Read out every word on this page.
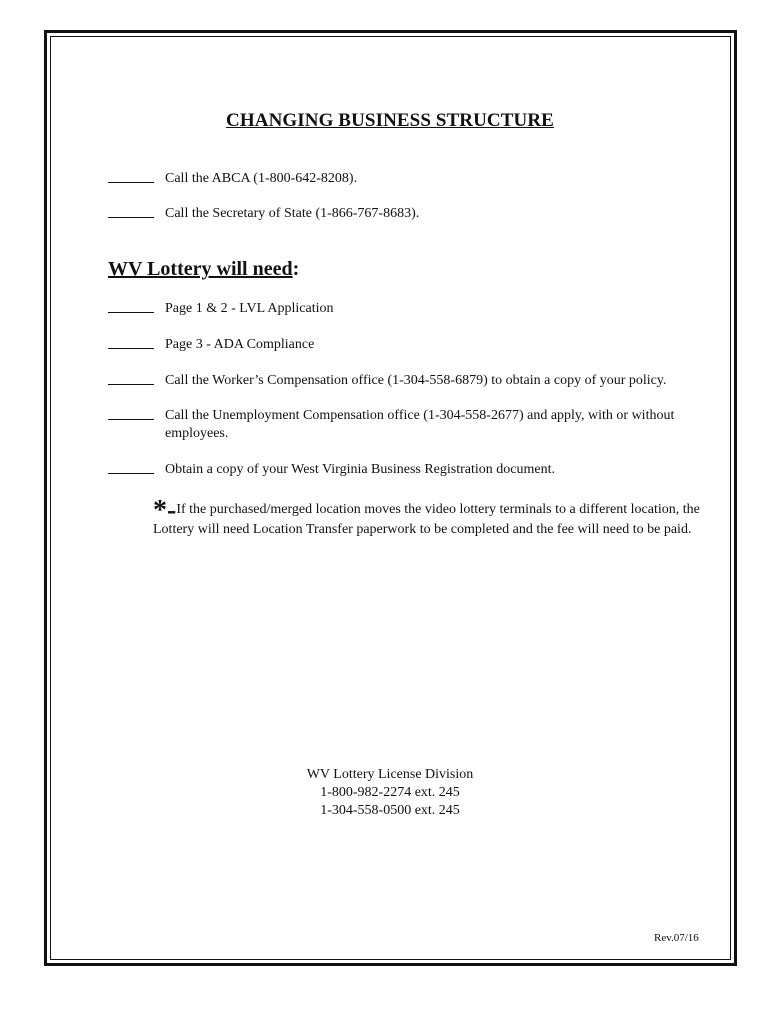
CHANGING BUSINESS STRUCTURE
Call the ABCA (1-800-642-8208).
Call the Secretary of State (1-866-767-8683).
WV Lottery will need:
Page 1 & 2 - LVL Application
Page 3 - ADA Compliance
Call the Worker’s Compensation office (1-304-558-6879) to obtain a copy of your policy.
Call the Unemployment Compensation office (1-304-558-2677) and apply, with or without employees.
Obtain a copy of your West Virginia Business Registration document.
*-If the purchased/merged location moves the video lottery terminals to a different location, the Lottery will need Location Transfer paperwork to be completed and the fee will need to be paid.
WV Lottery License Division
1-800-982-2274 ext. 245
1-304-558-0500 ext. 245
Rev.07/16
